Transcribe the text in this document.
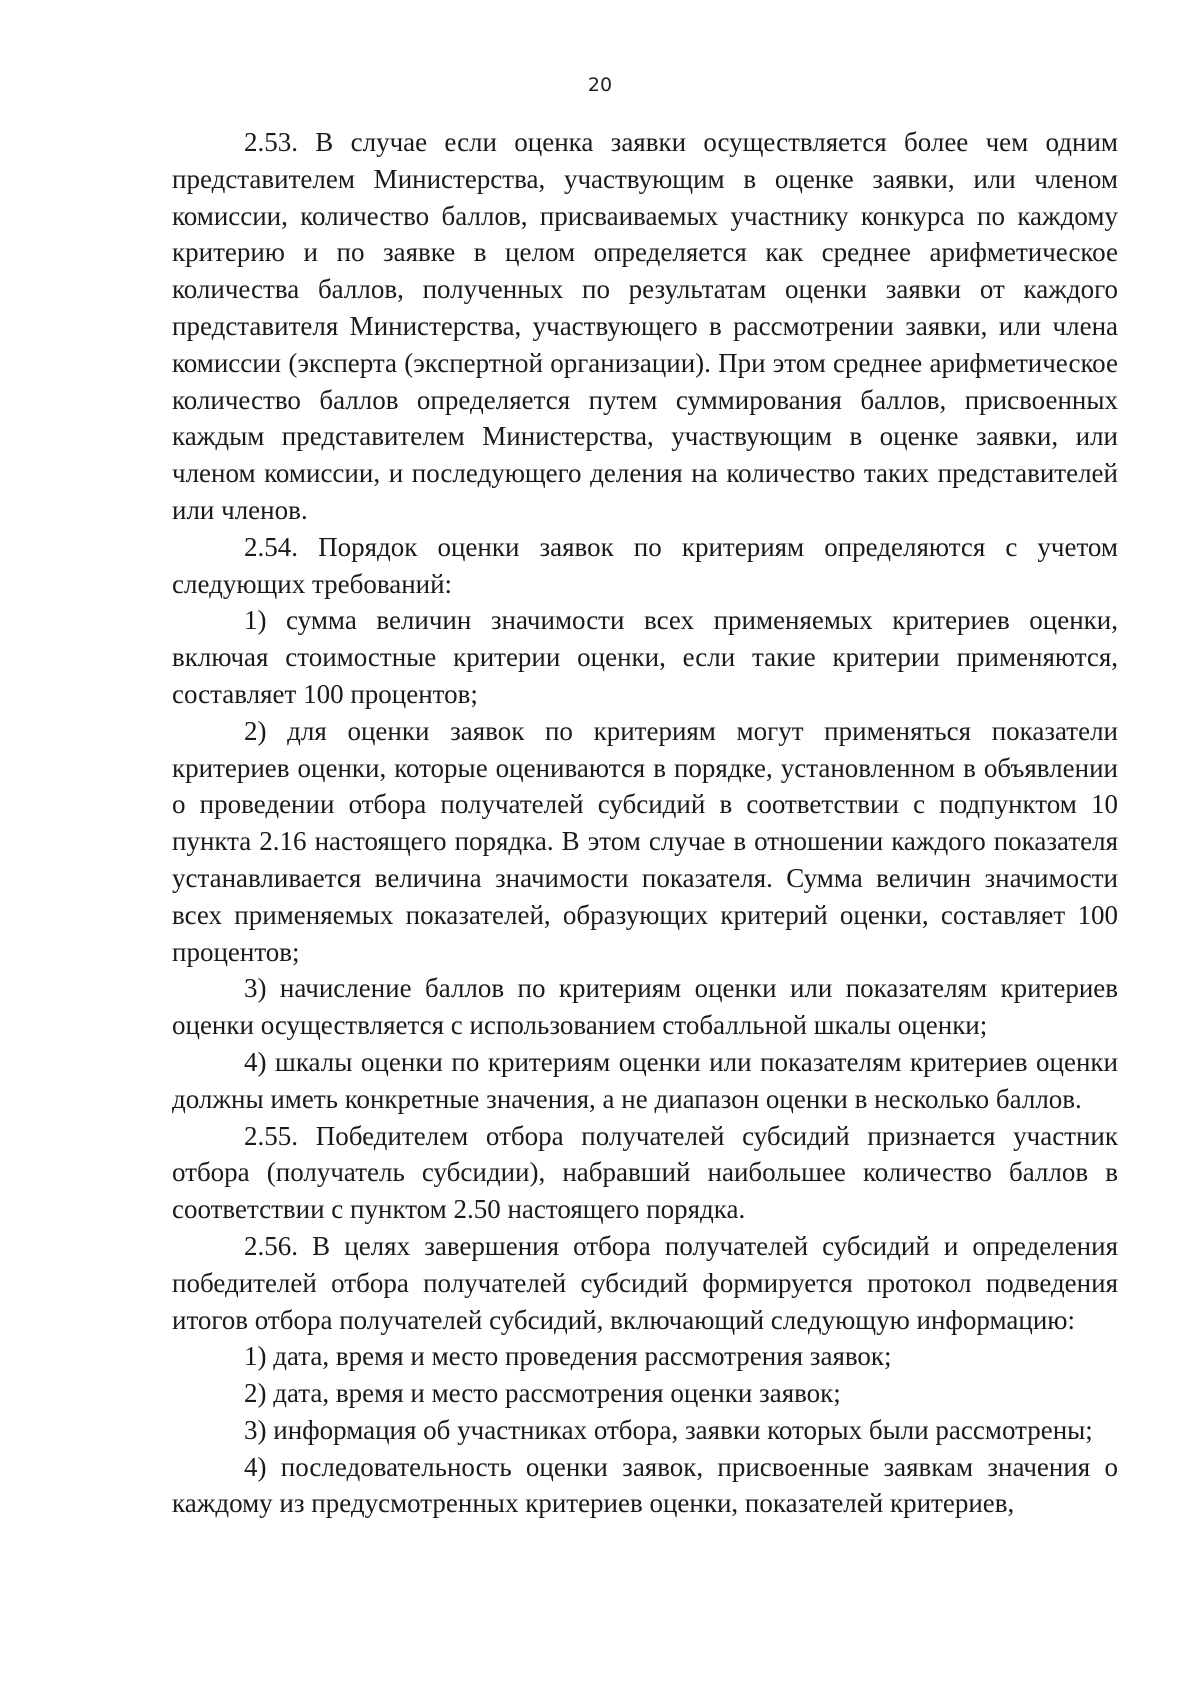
20

2.53. В случае если оценка заявки осуществляется более чем одним представителем Министерства, участвующим в оценке заявки, или членом комиссии, количество баллов, присваиваемых участнику конкурса по каждому критерию и по заявке в целом определяется как среднее арифметическое количества баллов, полученных по результатам оценки заявки от каждого представителя Министерства, участвующего в рассмотрении заявки, или члена комиссии (эксперта (экспертной организации). При этом среднее арифметическое количество баллов определяется путем суммирования баллов, присвоенных каждым представителем Министерства, участвующим в оценке заявки, или членом комиссии, и последующего деления на количество таких представителей или членов.

2.54. Порядок оценки заявок по критериям определяются с учетом следующих требований:

1) сумма величин значимости всех применяемых критериев оценки, включая стоимостные критерии оценки, если такие критерии применяются, составляет 100 процентов;

2) для оценки заявок по критериям могут применяться показатели критериев оценки, которые оцениваются в порядке, установленном в объявлении о проведении отбора получателей субсидий в соответствии с подпунктом 10 пункта 2.16 настоящего порядка. В этом случае в отношении каждого показателя устанавливается величина значимости показателя. Сумма величин значимости всех применяемых показателей, образующих критерий оценки, составляет 100 процентов;

3) начисление баллов по критериям оценки или показателям критериев оценки осуществляется с использованием стобалльной шкалы оценки;

4) шкалы оценки по критериям оценки или показателям критериев оценки должны иметь конкретные значения, а не диапазон оценки в несколько баллов.

2.55. Победителем отбора получателей субсидий признается участник отбора (получатель субсидии), набравший наибольшее количество баллов в соответствии с пунктом 2.50 настоящего порядка.

2.56. В целях завершения отбора получателей субсидий и определения победителей отбора получателей субсидий формируется протокол подведения итогов отбора получателей субсидий, включающий следующую информацию:

1) дата, время и место проведения рассмотрения заявок;

2) дата, время и место рассмотрения оценки заявок;

3) информация об участниках отбора, заявки которых были рассмотрены;

4) последовательность оценки заявок, присвоенные заявкам значения о каждому из предусмотренных критериев оценки, показателей критериев,
